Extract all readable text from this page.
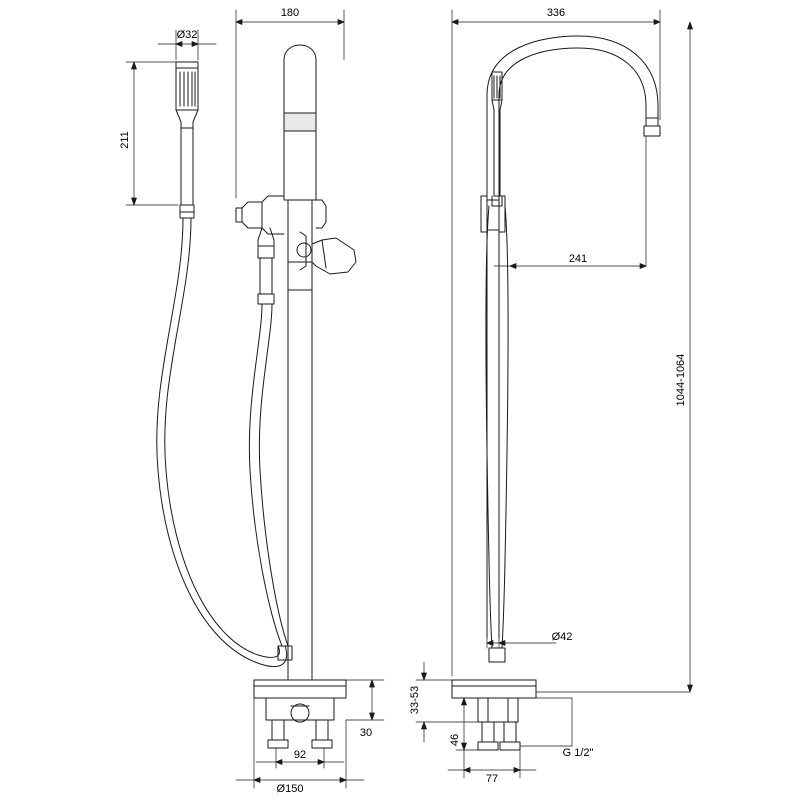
Ø32
211
180	336
241
1044-1064
Ø42
33-53
46
30
92
Ø150
77
G 1/2"
